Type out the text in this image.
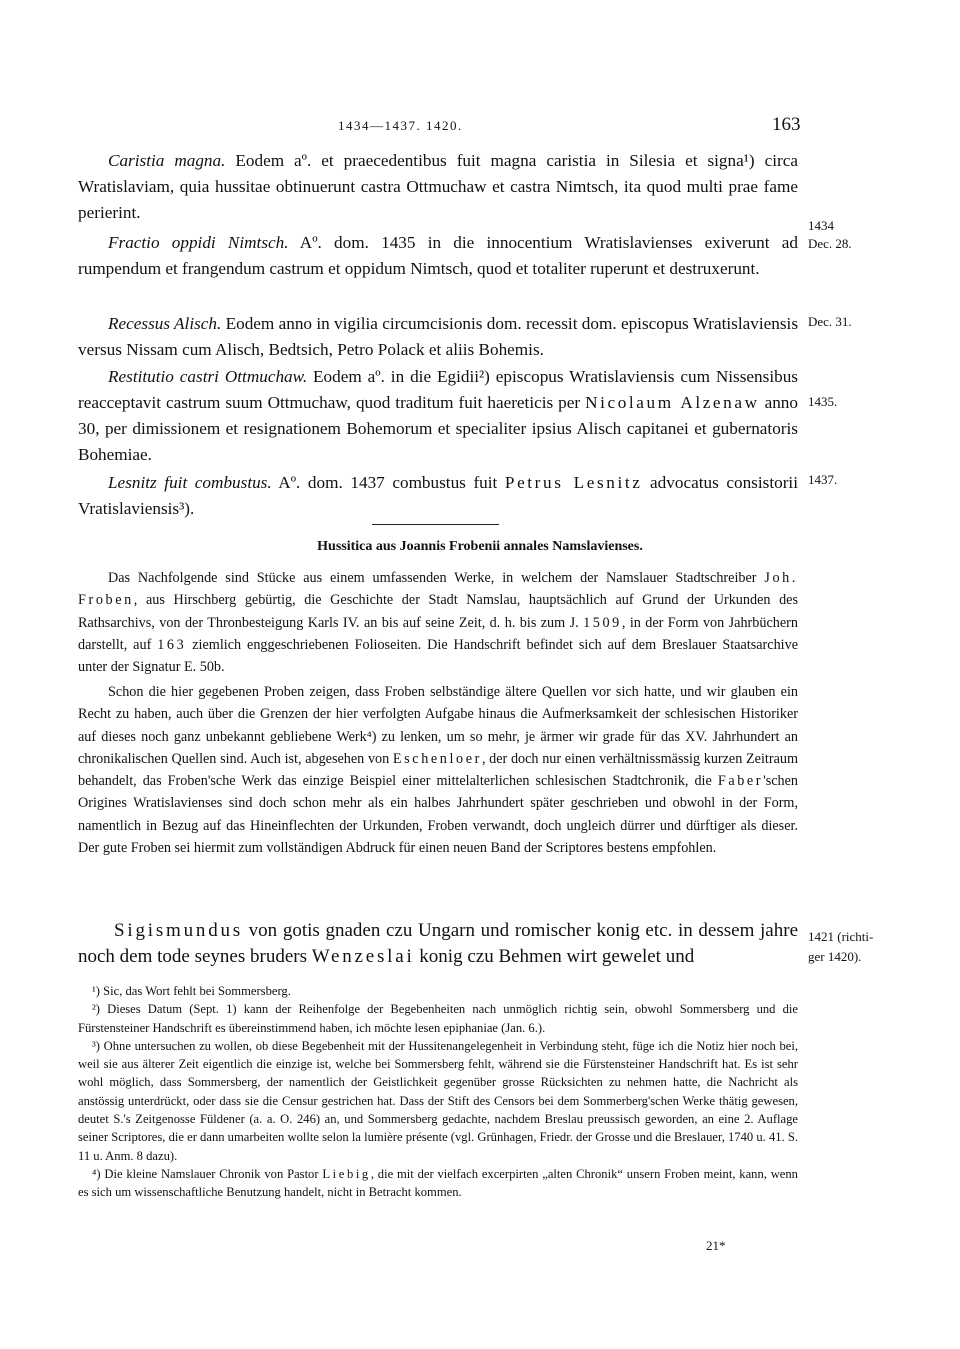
1434—1437. 1420.	163

Caristia magna. Eodem aº. et praecedentibus fuit magna caristia in Silesia et signa¹) circa Wratislaviam, quia hussitae obtinuerunt castra Ottmuchaw et castra Nimtsch, ita quod multi prae fame perierint.

Fractio oppidi Nimtsch. Aº. dom. 1435 in die innocentium Wratislavienses exiverunt ad rumpendum et frangendum castrum et oppidum Nimtsch, quod et totaliter ruperunt et destruxerunt.

Recessus Alisch. Eodem anno in vigilia circumcisionis dom. recessit dom. episcopus Wratislaviensis versus Nissam cum Alisch, Bedtsich, Petro Polack et aliis Bohemis.

Restitutio castri Ottmuchaw. Eodem aº. in die Egidii²) episcopus Wratislaviensis cum Nissensibus reacceptavit castrum suum Ottmuchaw, quod traditum fuit haereticis per Nicolaum Alzenaw anno 30, per dimissionem et resignationem Bohemorum et specialiter ipsius Alisch capitanei et gubernatoris Bohemiae.

Lesnitz fuit combustus. Aº. dom. 1437 combustus fuit Petrus Lesnitz advocatus consistorii Vratislaviensis³).

1434
Dec. 28.
Dec. 31.
1435.
1437.
1421 (richti-
ger 1420).
Hussitica aus Joannis Frobenii annales Namslavienses.

Das Nachfolgende sind Stücke aus einem umfassenden Werke, in welchem der Namslauer Stadtschreiber Joh. Froben, aus Hirschberg gebürtig, die Geschichte der Stadt Namslau, hauptsächlich auf Grund der Urkunden des Rathsarchivs, von der Thronbesteigung Karls IV. an bis auf seine Zeit, d. h. bis zum J. 1509, in der Form von Jahrbüchern darstellt, auf 163 ziemlich enggeschriebenen Folioseiten. Die Handschrift befindet sich auf dem Breslauer Staatsarchive unter der Signatur E. 50b.

Schon die hier gegebenen Proben zeigen, dass Froben selbständige ältere Quellen vor sich hatte, und wir glauben ein Recht zu haben, auch über die Grenzen der hier verfolgten Aufgabe hinaus die Aufmerksamkeit der schlesischen Historiker auf dieses noch ganz unbekannt gebliebene Werk⁴) zu lenken, um so mehr, je ärmer wir grade für das XV. Jahrhundert an chronikalischen Quellen sind. Auch ist, abgesehen von Eschenloer, der doch nur einen verhältnissmässig kurzen Zeitraum behandelt, das Froben'sche Werk das einzige Beispiel einer mittelalterlichen schlesischen Stadtchronik, die Faber'schen Origines Wratislavienses sind doch schon mehr als ein halbes Jahrhundert später geschrieben und obwohl in der Form, namentlich in Bezug auf das Hineinflechten der Urkunden, Froben verwandt, doch ungleich dürrer und dürftiger als dieser. Der gute Froben sei hiermit zum vollständigen Abdruck für einen neuen Band der Scriptores bestens empfohlen.

Sigismundus von gotis gnaden czu Ungarn und romischer konig etc. in dessem jahre noch dem tode seynes bruders Wenzeslai konig czu Behmen wirt gewelet und

¹) Sic, das Wort fehlt bei Sommersberg.

²) Dieses Datum (Sept. 1) kann der Reihenfolge der Begebenheiten nach unmöglich richtig sein, obwohl Sommersberg und die Fürstensteiner Handschrift es übereinstimmend haben, ich möchte lesen epiphaniae (Jan. 6.).

³) Ohne untersuchen zu wollen, ob diese Begebenheit mit der Hussitenangelegenheit in Verbindung steht, füge ich die Notiz hier noch bei, weil sie aus älterer Zeit eigentlich die einzige ist, welche bei Sommersberg fehlt, während sie die Fürstensteiner Handschrift hat. Es ist sehr wohl möglich, dass Sommersberg, der namentlich der Geistlichkeit gegenüber grosse Rücksichten zu nehmen hatte, die Nachricht als anstössig unterdrückt, oder dass sie die Censur gestrichen hat. Dass der Stift des Censors bei dem Sommerberg'schen Werke thätig gewesen, deutet S.'s Zeitgenosse Füldener (a. a. O. 246) an, und Sommersberg gedachte, nachdem Breslau preussisch geworden, an eine 2. Auflage seiner Scriptores, die er dann umarbeiten wollte selon la lumière présente (vgl. Grünhagen, Friedr. der Grosse und die Breslauer, 1740 u. 41. S. 11 u. Anm. 8 dazu).

⁴) Die kleine Namslauer Chronik von Pastor Liebig, die mit der vielfach excerpirten „alten Chronik“ unsern Froben meint, kann, wenn es sich um wissenschaftliche Benutzung handelt, nicht in Betracht kommen.

21*
